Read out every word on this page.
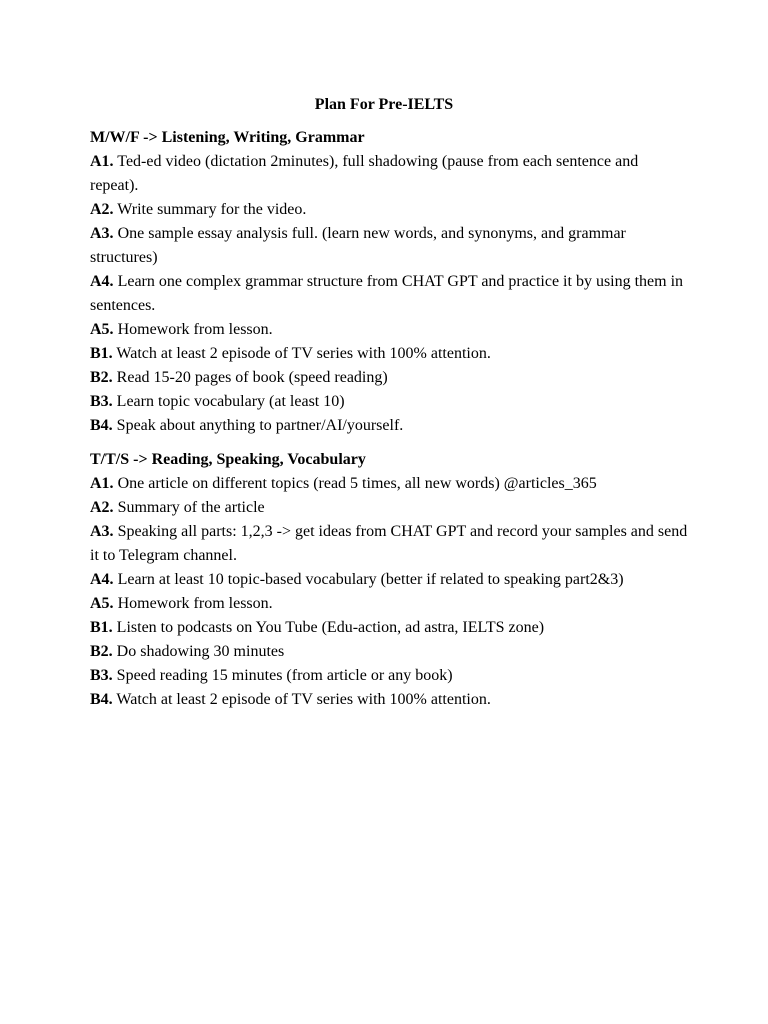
Plan For Pre-IELTS
M/W/F -> Listening, Writing, Grammar
A1. Ted-ed video (dictation 2minutes), full shadowing (pause from each sentence and repeat).
A2. Write summary for the video.
A3. One sample essay analysis full. (learn new words, and synonyms, and grammar structures)
A4. Learn one complex grammar structure from CHAT GPT and practice it by using them in sentences.
A5. Homework from lesson.
B1. Watch at least 2 episode of TV series with 100% attention.
B2. Read 15-20 pages of book (speed reading)
B3. Learn topic vocabulary (at least 10)
B4. Speak about anything to partner/AI/yourself.
T/T/S -> Reading, Speaking, Vocabulary
A1. One article on different topics (read 5 times, all new words) @articles_365
A2. Summary of the article
A3. Speaking all parts: 1,2,3 -> get ideas from CHAT GPT and record your samples and send it to Telegram channel.
A4. Learn at least 10 topic-based vocabulary (better if related to speaking part2&3)
A5. Homework from lesson.
B1. Listen to podcasts on You Tube (Edu-action, ad astra, IELTS zone)
B2. Do shadowing 30 minutes
B3. Speed reading 15 minutes (from article or any book)
B4. Watch at least 2 episode of TV series with 100% attention.
